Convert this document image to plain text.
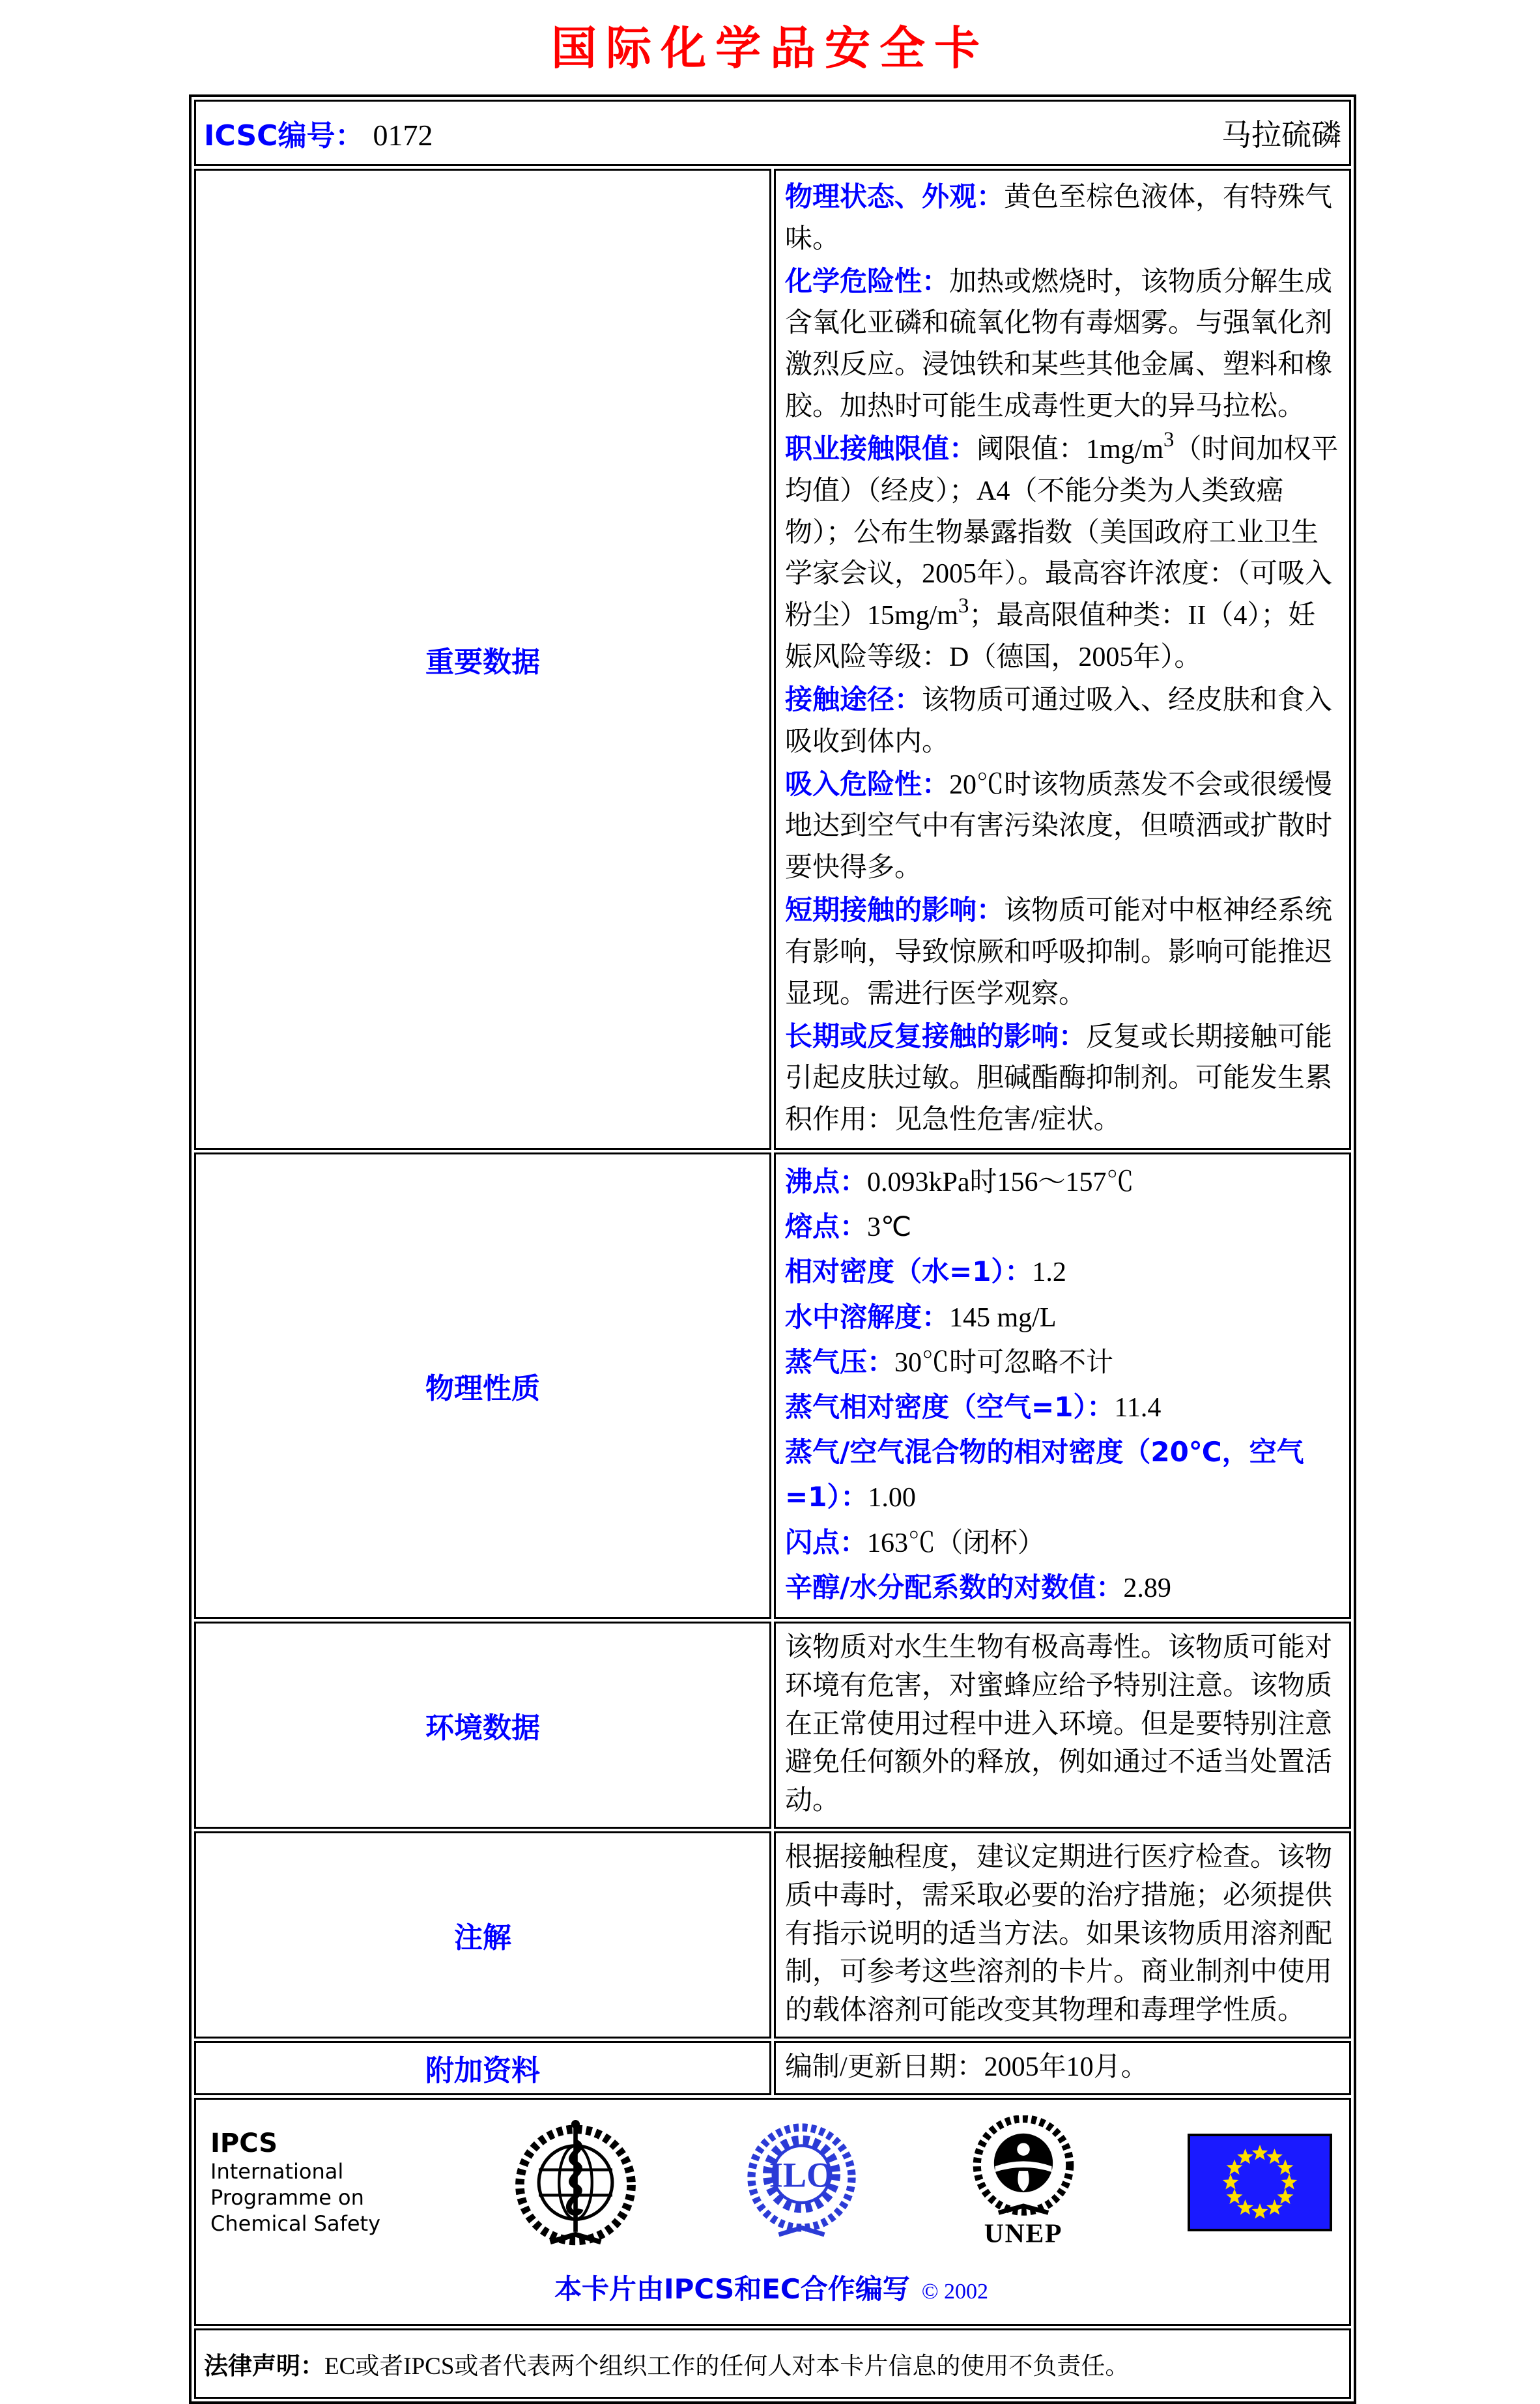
国际化学品安全卡
ICSC编号： 0172 马拉硫磷	

重要数据	
物理状态、外观：黄色至棕色液体，有特殊气味。
化学危险性：加热或燃烧时，该物质分解生成含氧化亚磷和硫氧化物有毒烟雾。与强氧化剂激烈反应。浸蚀铁和某些其他金属、塑料和橡胶。加热时可能生成毒性更大的异马拉松。
职业接触限值：阈限值：$1mg/m^3$（时间加权平均值）（经皮）；A4（不能分类为人类致癌物）；公布生物暴露指数（美国政府工业卫生学家会议，2005年）。最高容许浓度：（可吸入粉尘）$15mg/m^3$；最高限值种类：II（4）；妊娠风险等级：D（德国，2005年）。
接触途径：该物质可通过吸入、经皮肤和食入吸收到体内。
吸入危险性：20℃时该物质蒸发不会或很缓慢地达到空气中有害污染浓度，但喷洒或扩散时要快得多。
短期接触的影响：该物质可能对中枢神经系统有影响，导致惊厥和呼吸抑制。影响可能推迟显现。需进行医学观察。
长期或反复接触的影响：反复或长期接触可能引起皮肤过敏。胆碱酯酶抑制剂。可能发生累积作用：见急性危害/症状。

物理性质	
沸点：0.093kPa时156～157℃
熔点：3℃
相对密度（水=1）：1.2
水中溶解度：145 mg/L
蒸气压：30℃时可忽略不计
蒸气相对密度（空气=1）：11.4
蒸气/空气混合物的相对密度（20℃，空气=1）：1.00
闪点：163℃（闭杯）
辛醇/水分配系数的对数值：2.89

环境数据	该物质对水生生物有极高毒性。该物质可能对环境有危害，对蜜蜂应给予特别注意。该物质在正常使用过程中进入环境。但是要特别注意避免任何额外的释放，例如通过不适当处置活动。
注解	根据接触程度，建议定期进行医疗检查。该物质中毒时，需采取必要的治疗措施；必须提供有指示说明的适当方法。如果该物质用溶剂配制，可参考这些溶剂的卡片。商业制剂中使用的载体溶剂可能改变其物理和毒理学性质。
附加资料	编制/更新日期：2005年10月。

IPCS
International
Programme on
Chemical Safety
ILO
UNEP
本卡片由IPCS和EC合作编写 © 2002

法律声明：EC或者IPCS或者代表两个组织工作的任何人对本卡片信息的使用不负责任。	
